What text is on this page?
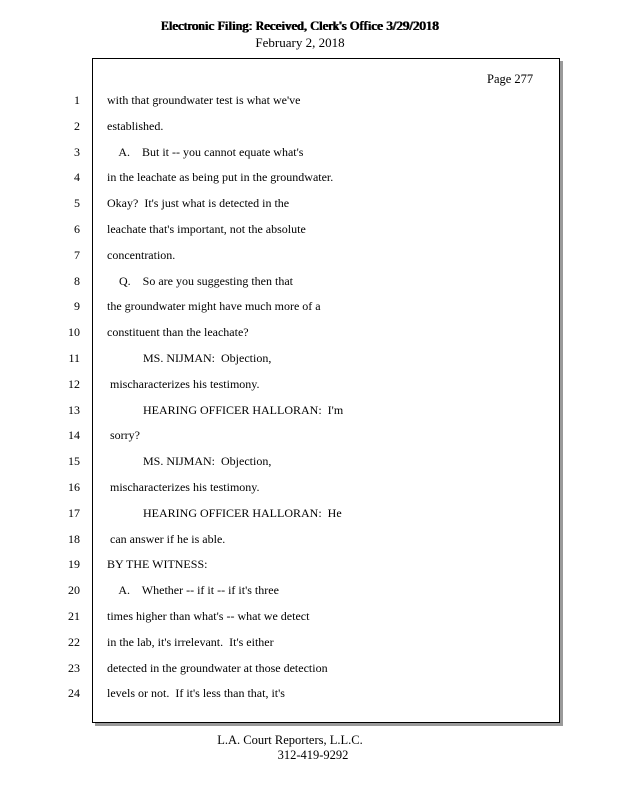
Electronic Filing: Received, Clerk's Office 3/29/2018
February 2, 2018
Page 277
1 with that groundwater test is what we've
2 established.
3 A.    But it -- you cannot equate what's
4 in the leachate as being put in the groundwater.
5 Okay?  It's just what is detected in the
6 leachate that's important, not the absolute
7 concentration.
8 Q.    So are you suggesting then that
9 the groundwater might have much more of a
10 constituent than the leachate?
11 MS. NIJMAN:  Objection,
12 mischaracterizes his testimony.
13 HEARING OFFICER HALLORAN:  I'm
14 sorry?
15 MS. NIJMAN:  Objection,
16 mischaracterizes his testimony.
17 HEARING OFFICER HALLORAN:  He
18 can answer if he is able.
19 BY THE WITNESS:
20 A.    Whether -- if it -- if it's three
21 times higher than what's -- what we detect
22 in the lab, it's irrelevant.  It's either
23 detected in the groundwater at those detection
24 levels or not.  If it's less than that, it's
L.A. Court Reporters, L.L.C.
312-419-9292
